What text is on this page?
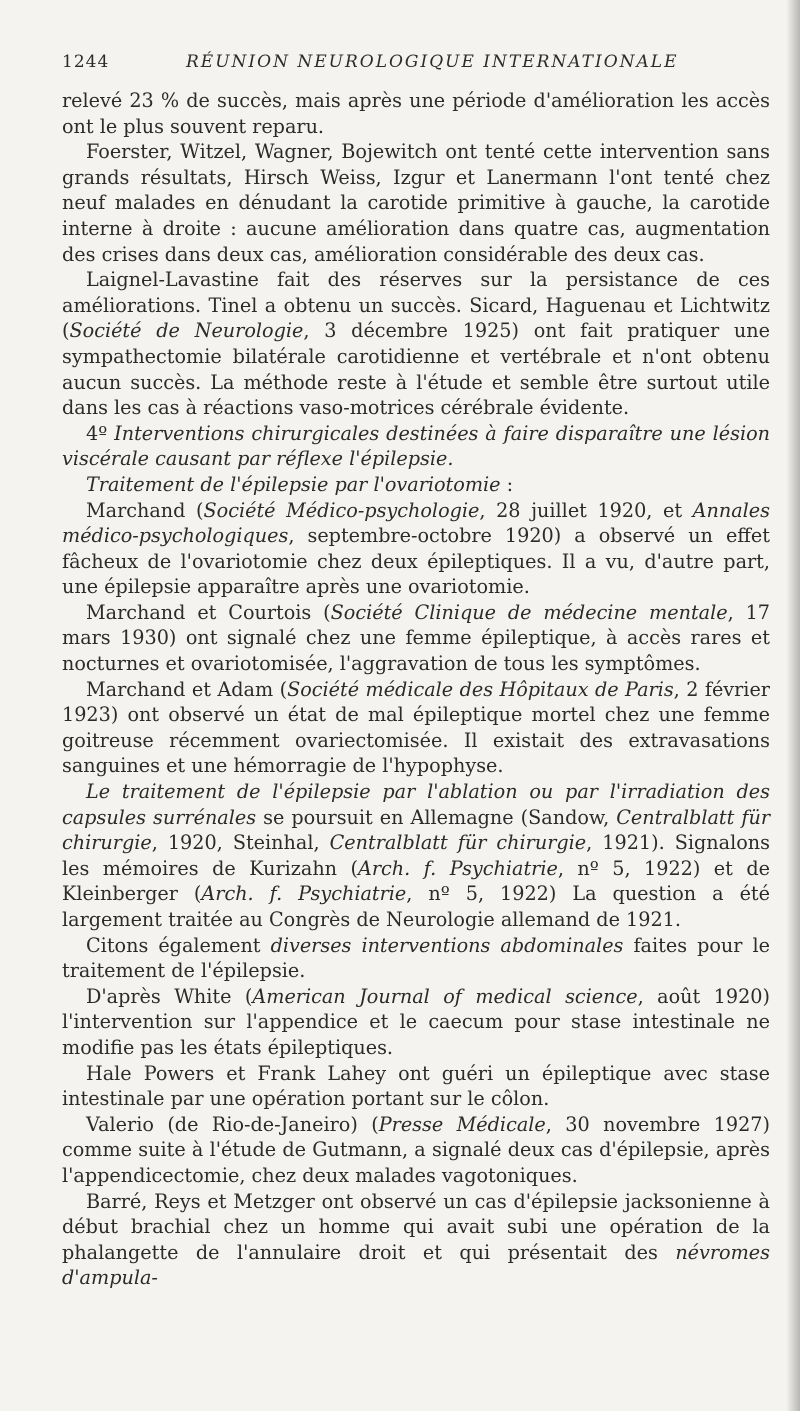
1244	RÉUNION NEUROLOGIQUE INTERNATIONALE

relevé 23 % de succès, mais après une période d'amélioration les accès ont le plus souvent reparu.

Foerster, Witzel, Wagner, Bojewitch ont tenté cette intervention sans grands résultats, Hirsch Weiss, Izgur et Lanermann l'ont tenté chez neuf malades en dénudant la carotide primitive à gauche, la carotide interne à droite : aucune amélioration dans quatre cas, augmentation des crises dans deux cas, amélioration considérable des deux cas.

Laignel-Lavastine fait des réserves sur la persistance de ces améliorations. Tinel a obtenu un succès. Sicard, Haguenau et Lichtwitz (Société de Neurologie, 3 décembre 1925) ont fait pratiquer une sympathectomie bilatérale carotidienne et vertébrale et n'ont obtenu aucun succès. La méthode reste à l'étude et semble être surtout utile dans les cas à réactions vaso-motrices cérébrale évidente.

4º Interventions chirurgicales destinées à faire disparaître une lésion viscérale causant par réflexe l'épilepsie.

Traitement de l'épilepsie par l'ovariotomie :

Marchand (Société Médico-psychologie, 28 juillet 1920, et Annales médico-psychologiques, septembre-octobre 1920) a observé un effet fâcheux de l'ovariotomie chez deux épileptiques. Il a vu, d'autre part, une épilepsie apparaître après une ovariotomie.

Marchand et Courtois (Société Clinique de médecine mentale, 17 mars 1930) ont signalé chez une femme épileptique, à accès rares et nocturnes et ovariotomisée, l'aggravation de tous les symptômes.

Marchand et Adam (Société médicale des Hôpitaux de Paris, 2 février 1923) ont observé un état de mal épileptique mortel chez une femme goitreuse récemment ovariectomisée. Il existait des extravasations sanguines et une hémorragie de l'hypophyse.

Le traitement de l'épilepsie par l'ablation ou par l'irradiation des capsules surrénales se poursuit en Allemagne (Sandow, Centralblatt für chirurgie, 1920, Steinhal, Centralblatt für chirurgie, 1921). Signalons les mémoires de Kurizahn (Arch. f. Psychiatrie, nº 5, 1922) et de Kleinberger (Arch. f. Psychiatrie, nº 5, 1922) La question a été largement traitée au Congrès de Neurologie allemand de 1921.

Citons également diverses interventions abdominales faites pour le traitement de l'épilepsie.

D'après White (American Journal of medical science, août 1920) l'intervention sur l'appendice et le caecum pour stase intestinale ne modifie pas les états épileptiques.

Hale Powers et Frank Lahey ont guéri un épileptique avec stase intestinale par une opération portant sur le côlon.

Valerio (de Rio-de-Janeiro) (Presse Médicale, 30 novembre 1927) comme suite à l'étude de Gutmann, a signalé deux cas d'épilepsie, après l'appendicectomie, chez deux malades vagotoniques.

Barré, Reys et Metzger ont observé un cas d'épilepsie jacksonienne à début brachial chez un homme qui avait subi une opération de la phalangette de l'annulaire droit et qui présentait des névromes d'ampula-
